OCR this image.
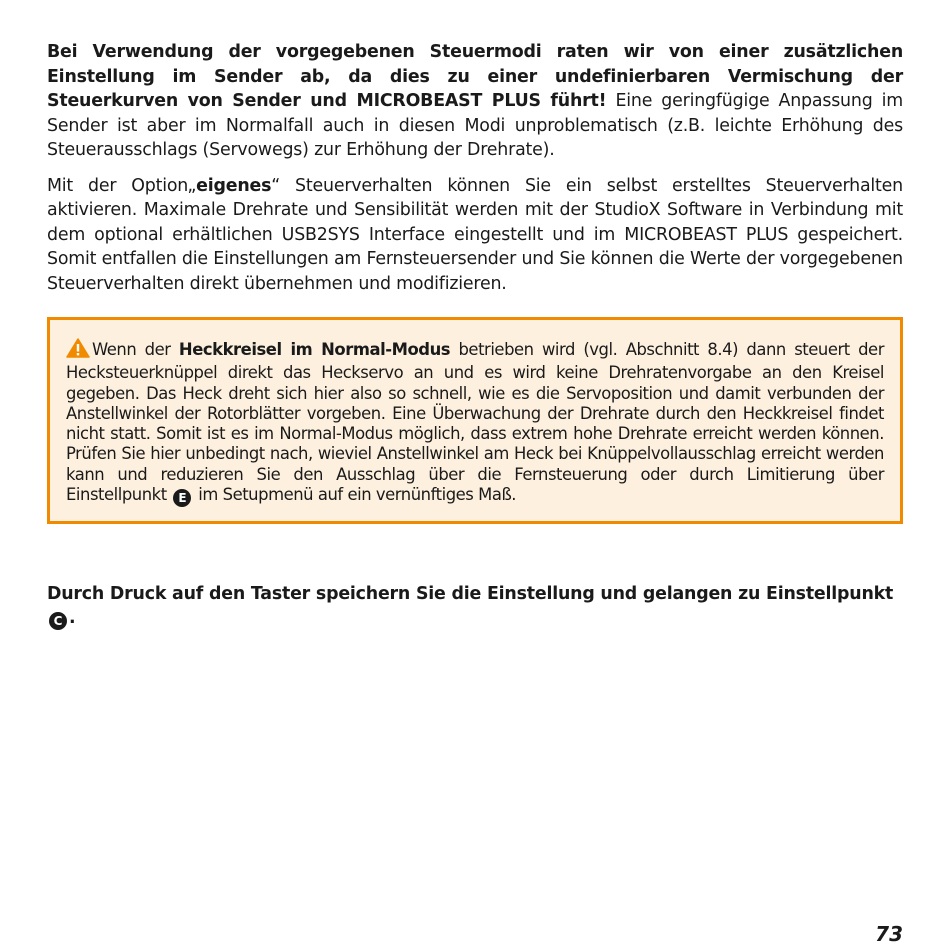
Bei Verwendung der vorgegebenen Steuermodi raten wir von einer zusätzlichen Einstellung im Sender ab, da dies zu einer undefinierbaren Vermischung der Steuerkurven von Sender und MICROBEAST PLUS führt! Eine geringfügige Anpassung im Sender ist aber im Normalfall auch in diesen Modi unproblematisch (z.B. leichte Erhöhung des Steuerausschlags (Servowegs) zur Erhöhung der Drehrate).

Mit der Option„eigenes“ Steuerverhalten können Sie ein selbst erstelltes Steuerverhalten aktivieren. Maximale Drehrate und Sensibilität werden mit der StudioX Software in Verbindung mit dem optional erhältlichen USB2SYS Interface eingestellt und im MICROBEAST PLUS gespeichert. Somit entfallen die Einstellungen am Fernsteuersender und Sie können die Werte der vorgegebenen Steuerverhalten direkt übernehmen und modifizieren.

Wenn der Heckkreisel im Normal-Modus betrieben wird (vgl. Abschnitt 8.4) dann steuert der Hecksteuerknüppel direkt das Heckservo an und es wird keine Drehratenvorgabe an den Kreisel gegeben. Das Heck dreht sich hier also so schnell, wie es die Servoposition und damit verbunden der Anstellwinkel der Rotorblätter vorgeben. Eine Überwachung der Drehrate durch den Heckkreisel findet nicht statt. Somit ist es im Normal-Modus möglich, dass extrem hohe Drehrate erreicht werden können. Prüfen Sie hier unbedingt nach, wieviel Anstellwinkel am Heck bei Knüppelvollausschlag erreicht werden kann und reduzieren Sie den Ausschlag über die Fernsteuerung oder durch Limitierung über Einstellpunkt E im Setupmenü auf ein vernünftiges Maß.
Durch Druck auf den Taster speichern Sie die Einstellung und gelangen zu Einstellpunkt C .
73
